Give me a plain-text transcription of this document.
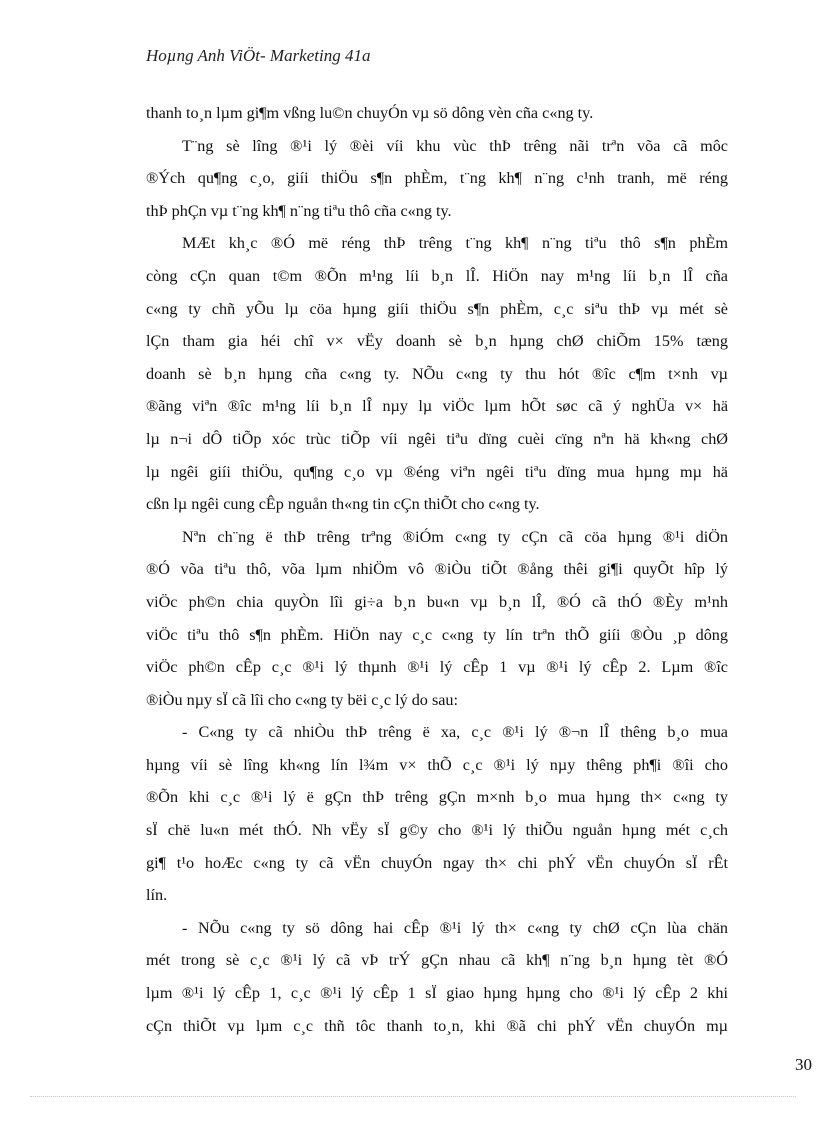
Hoµng Anh ViÖt- Marketing 41a
thanh to¸n lµm gi¶m vßng lu©n chuyÓn vµ sö dông vèn cña c«ng ty.
T¨ng sè lîng ®¹i lý ®èi víi khu vùc thÞ trêng nãi trªn võa cã môc
®Ých qu¶ng c¸o, giíi thiÖu s¶n phÈm, t¨ng kh¶ n¨ng c¹nh tranh, më réng
thÞ phÇn vµ t¨ng kh¶ n¨ng tiªu thô cña c«ng ty.
MÆt kh¸c ®Ó më réng thÞ trêng t¨ng kh¶ n¨ng tiªu thô s¶n phÈm
còng cÇn quan t©m ®Õn m¹ng líi b¸n lÎ. HiÖn nay m¹ng líi b¸n lÎ cña
c«ng ty chñ yÕu lµ cöa hµng giíi thiÖu s¶n phÈm, c¸c siªu thÞ vµ mét sè
lÇn tham gia héi chî v× vËy doanh sè b¸n hµng chØ chiÕm 15% tæng
doanh sè b¸n hµng cña c«ng ty. NÕu c«ng ty thu hót ®îc c¶m t×nh vµ
®ãng viªn ®îc m¹ng líi b¸n lÎ nµy lµ viÖc lµm hÕt søc cã ý nghÜa v× hä
lµ n¬i dÔ tiÕp xóc trùc tiÕp víi ngêi tiªu dïng cuèi cïng nªn hä kh«ng chØ
lµ ngêi giíi thiÖu, qu¶ng c¸o vµ ®éng viªn ngêi tiªu dïng mua hµng mµ hä
cßn lµ ngêi cung cÊp nguån th«ng tin cÇn thiÕt cho c«ng ty.
Nªn ch¨ng ë thÞ trêng trªng ®iÓm c«ng ty cÇn cã cöa hµng ®¹i diÖn
®Ó võa tiªu thô, võa lµm nhiÖm vô ®iÒu tiÕt ®ång thêi gi¶i quyÕt hîp lý
viÖc ph©n chia quyÒn lîi gi÷a b¸n bu«n vµ b¸n lÎ, ®Ó cã thÓ ®Èy m¹nh
viÖc tiªu thô s¶n phÈm. HiÖn nay c¸c c«ng ty lín trªn thÕ giíi ®Òu ¸p dông
viÖc ph©n cÊp c¸c ®¹i lý thµnh ®¹i lý cÊp 1 vµ ®¹i lý cÊp 2. Lµm ®îc
®iÒu nµy sÏ cã lîi cho c«ng ty bëi c¸c lý do sau:
- C«ng ty cã nhiÒu thÞ trêng ë xa, c¸c ®¹i lý ®¬n lÎ thêng b¸o mua
hµng víi sè lîng kh«ng lín l¾m v× thÕ c¸c ®¹i lý nµy thêng ph¶i ®îi cho
®Õn khi c¸c ®¹i lý ë gÇn thÞ trêng gÇn m×nh b¸o mua hµng th× c«ng ty
sÏ chë lu«n mét thÓ. Nh vËy sÏ g©y cho ®¹i lý thiÕu nguån hµng mét c¸ch
gi¶ t¹o hoÆc c«ng ty cã vËn chuyÓn ngay th× chi phÝ vËn chuyÓn sÏ rÊt
lín.
- NÕu c«ng ty sö dông hai cÊp ®¹i lý th× c«ng ty chØ cÇn lùa chän
mét trong sè c¸c ®¹i lý cã vÞ trÝ gÇn nhau cã kh¶ n¨ng b¸n hµng tèt ®Ó
lµm ®¹i lý cÊp 1, c¸c ®¹i lý cÊp 1 sÏ giao hµng hµng cho ®¹i lý cÊp 2 khi
cÇn thiÕt vµ lµm c¸c thñ tôc thanh to¸n, khi ®ã chi phÝ vËn chuyÓn mµ
30
